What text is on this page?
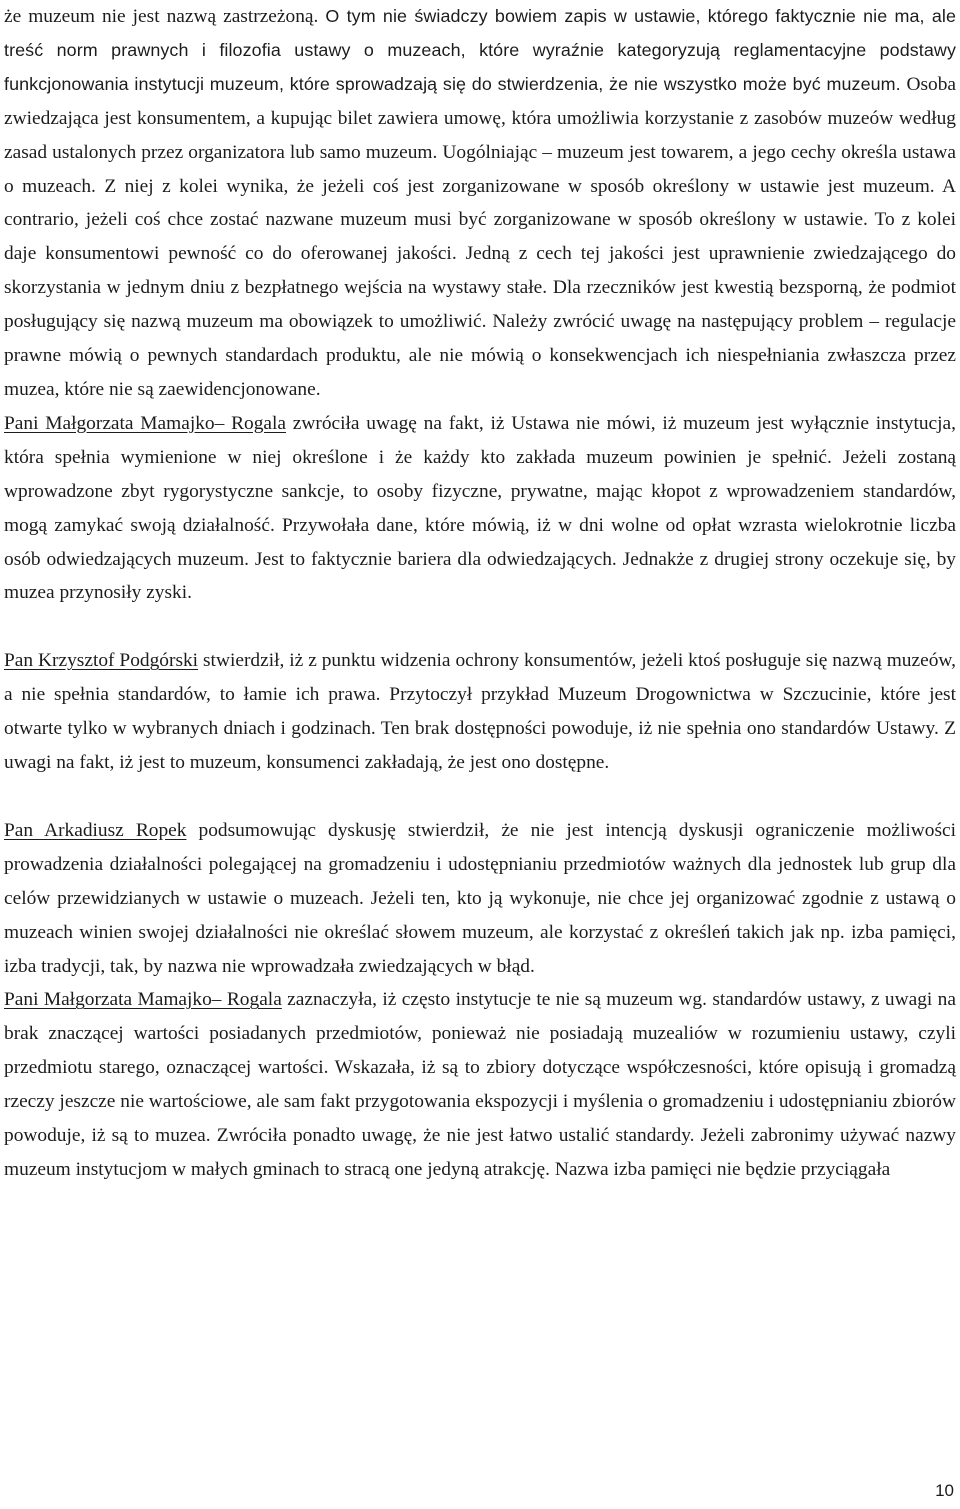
że muzeum nie jest nazwą zastrzeżoną. O tym nie świadczy bowiem zapis w ustawie, którego faktycznie nie ma, ale treść norm prawnych i filozofia ustawy o muzeach, które wyraźnie kategoryzują reglamentacyjne podstawy funkcjonowania instytucji muzeum, które sprowadzają się do stwierdzenia, że nie wszystko może być muzeum. Osoba zwiedzająca jest konsumentem, a kupując bilet zawiera umowę, która umożliwia korzystanie z zasobów muzeów według zasad ustalonych przez organizatora lub samo muzeum. Uogólniając – muzeum jest towarem, a jego cechy określa ustawa o muzeach. Z niej z kolei wynika, że jeżeli coś jest zorganizowane w sposób określony w ustawie jest muzeum. A contrario, jeżeli coś chce zostać nazwane muzeum musi być zorganizowane w sposób określony w ustawie. To z kolei daje konsumentowi pewność co do oferowanej jakości. Jedną z cech tej jakości jest uprawnienie zwiedzającego do skorzystania w jednym dniu z bezpłatnego wejścia na wystawy stałe. Dla rzeczników jest kwestią bezsporną, że podmiot posługujący się nazwą muzeum ma obowiązek to umożliwić. Należy zwrócić uwagę na następujący problem – regulacje prawne mówią o pewnych standardach produktu, ale nie mówią o konsekwencjach ich niespełniania zwłaszcza przez muzea, które nie są zaewidencjonowane.

Pani Małgorzata Mamajko– Rogala zwróciła uwagę na fakt, iż Ustawa nie mówi, iż muzeum jest wyłącznie instytucja, która spełnia wymienione w niej określone i że każdy kto zakłada muzeum powinien je spełnić. Jeżeli zostaną wprowadzone zbyt rygorystyczne sankcje, to osoby fizyczne, prywatne, mając kłopot z wprowadzeniem standardów, mogą zamykać swoją działalność. Przywołała dane, które mówią, iż w dni wolne od opłat wzrasta wielokrotnie liczba osób odwiedzających muzeum. Jest to faktycznie bariera dla odwiedzających. Jednakże z drugiej strony oczekuje się, by muzea przynosiły zyski.

Pan Krzysztof Podgórski stwierdził, iż z punktu widzenia ochrony konsumentów, jeżeli ktoś posługuje się nazwą muzeów, a nie spełnia standardów, to łamie ich prawa. Przytoczył przykład Muzeum Drogownictwa w Szczucinie, które jest otwarte tylko w wybranych dniach i godzinach. Ten brak dostępności powoduje, iż nie spełnia ono standardów Ustawy. Z uwagi na fakt, iż jest to muzeum, konsumenci zakładają, że jest ono dostępne.

Pan Arkadiusz Ropek podsumowując dyskusję stwierdził, że nie jest intencją dyskusji ograniczenie możliwości prowadzenia działalności polegającej na gromadzeniu i udostępnianiu przedmiotów ważnych dla jednostek lub grup dla celów przewidzianych w ustawie o muzeach. Jeżeli ten, kto ją wykonuje, nie chce jej organizować zgodnie z ustawą o muzeach winien swojej działalności nie określać słowem muzeum, ale korzystać z określeń takich jak np. izba pamięci, izba tradycji, tak, by nazwa nie wprowadzała zwiedzających w błąd.

Pani Małgorzata Mamajko– Rogala zaznaczyła, iż często instytucje te nie są muzeum wg. standardów ustawy, z uwagi na brak znaczącej wartości posiadanych przedmiotów, ponieważ nie posiadają muzealiów w rozumieniu ustawy, czyli przedmiotu starego, oznaczącej wartości. Wskazała, iż są to zbiory dotyczące współczesności, które opisują i gromadzą rzeczy jeszcze nie wartościowe, ale sam fakt przygotowania ekspozycji i myślenia o gromadzeniu i udostępnianiu zbiorów powoduje, iż są to muzea. Zwróciła ponadto uwagę, że nie jest łatwo ustalić standardy. Jeżeli zabronimy używać nazwy muzeum instytucjom w małych gminach to stracą one jedyną atrakcję. Nazwa izba pamięci nie będzie przyciągała

10
